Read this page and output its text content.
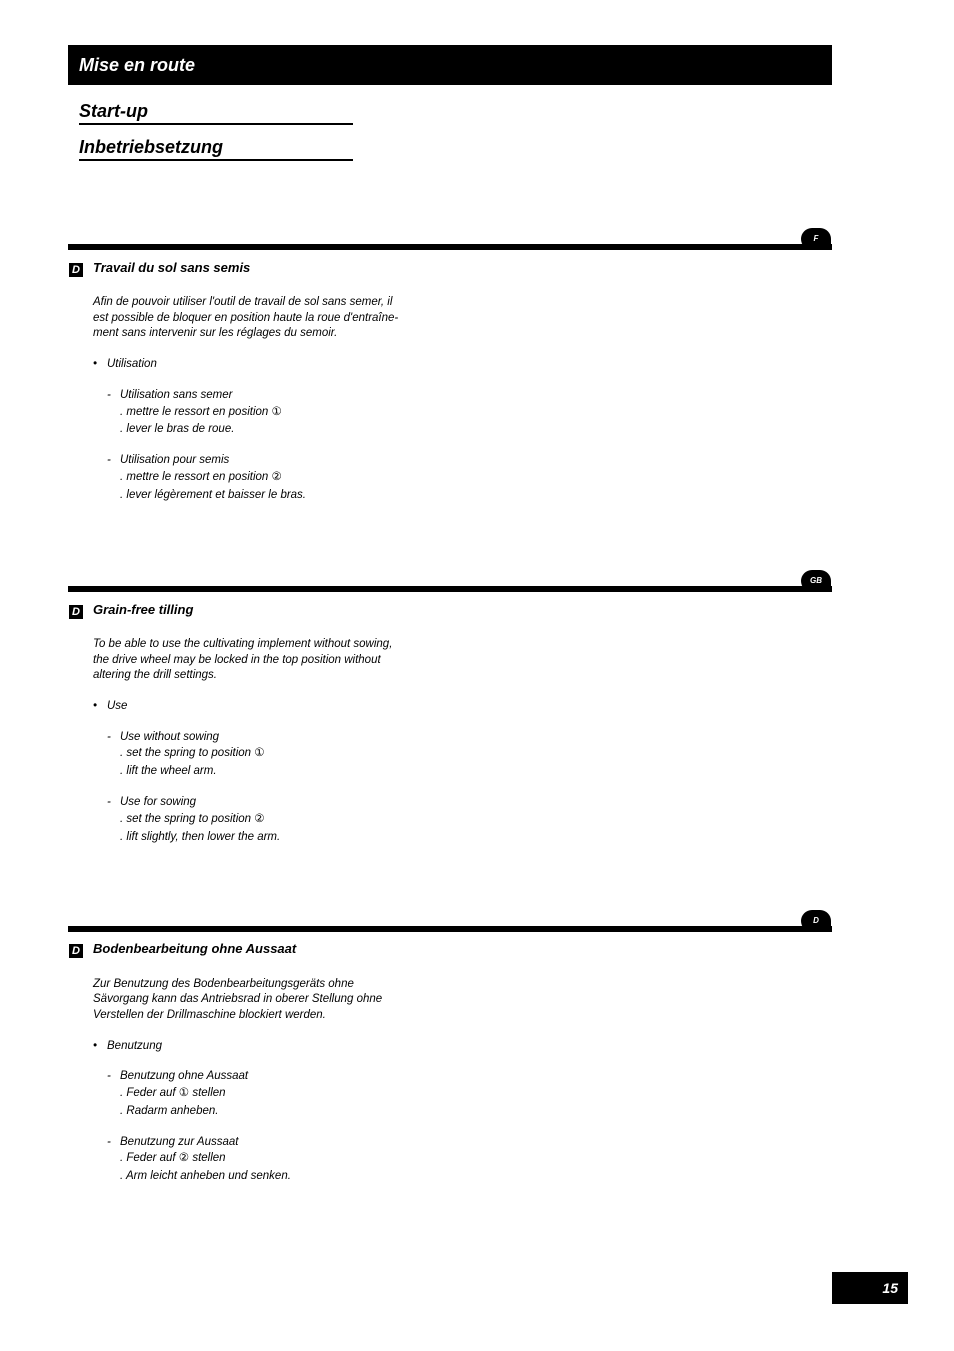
Mise en route
Start-up
Inbetriebsetzung
F
D Travail du sol sans semis
Afin de pouvoir utiliser l'outil de travail de sol sans semer, il
est possible de bloquer en position haute la roue d'entraîne-
ment sans intervenir sur les réglages du semoir.
• Utilisation
- Utilisation sans semer
. mettre le ressort en position ①
. lever le bras de roue.
- Utilisation pour semis
. mettre le ressort en position ②
. lever légèrement et baisser le bras.
GB
D Grain-free tilling
To be able to use the cultivating implement without sowing,
the drive wheel may be locked in the top position without
altering the drill settings.
• Use
- Use without sowing
. set the spring to position ①
. lift the wheel arm.
- Use for sowing
. set the spring to position ②
. lift slightly, then lower the arm.
D
D Bodenbearbeitung ohne Aussaat
Zur Benutzung des Bodenbearbeitungsgeräts ohne
Sävorgang kann das Antriebsrad in oberer Stellung ohne
Verstellen der Drillmaschine blockiert werden.
• Benutzung
- Benutzung ohne Aussaat
. Feder auf ① stellen
. Radarm anheben.
- Benutzung zur Aussaat
. Feder auf ② stellen
. Arm leicht anheben und senken.
15
